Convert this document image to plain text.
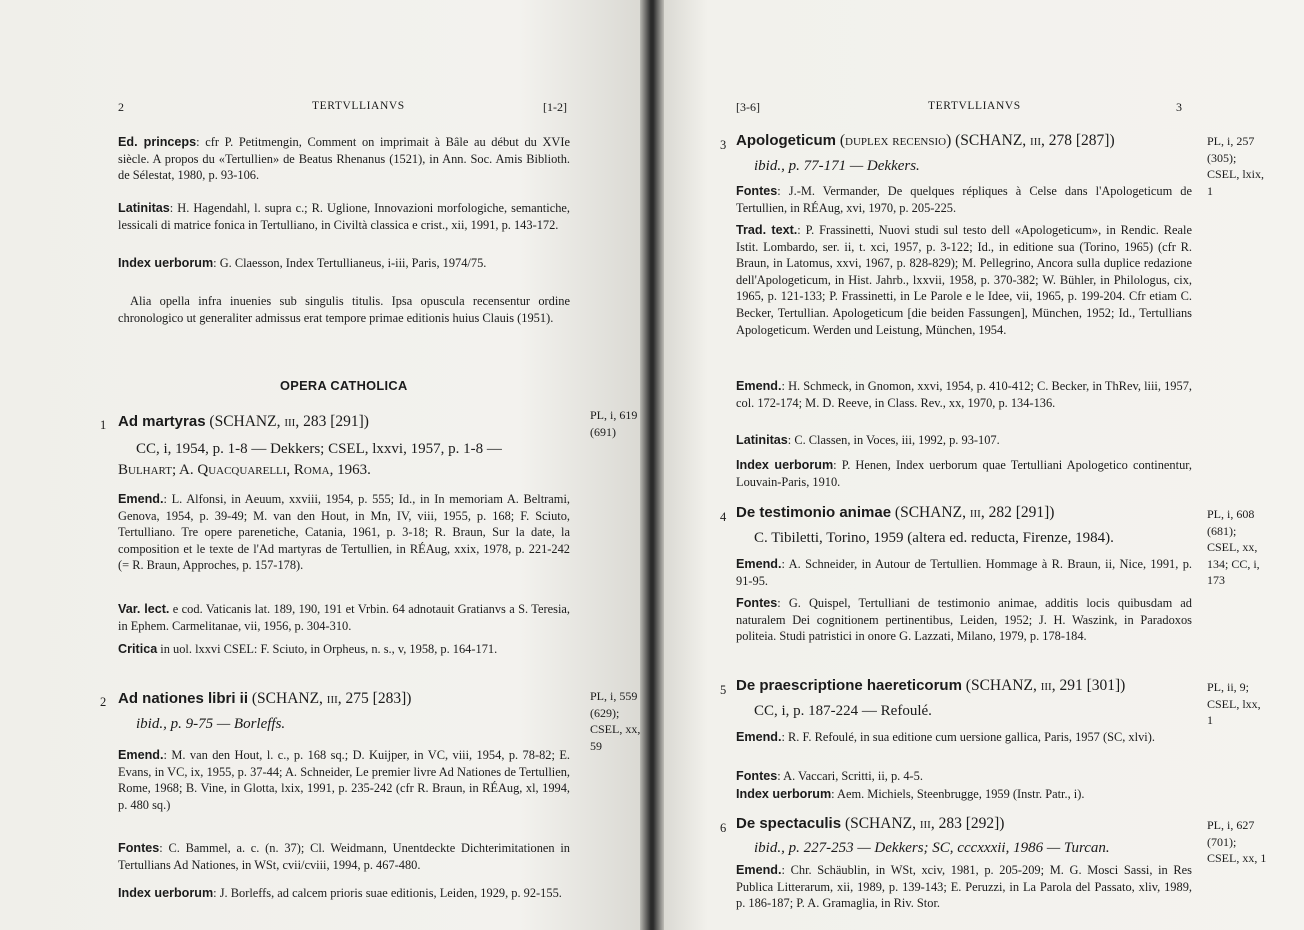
2	TERTVLLIANVS	[1-2]

Ed. princeps: cfr P. Petitmengin, Comment on imprimait à Bâle au début du XVIe siècle. A propos du «Tertullien» de Beatus Rhenanus (1521), in Ann. Soc. Amis Biblioth. de Sélestat, 1980, p. 93-106.

Latinitas: H. Hagendahl, l. supra c.; R. Uglione, Innovazioni morfologiche, semantiche, lessicali di matrice fonica in Tertulliano, in Civiltà classica e crist., xii, 1991, p. 143-172.

Index uerborum: G. Claesson, Index Tertullianeus, i-iii, Paris, 1974/75.

Alia opella infra inuenies sub singulis titulis. Ipsa opuscula recensentur ordine chronologico ut generaliter admissus erat tempore primae editionis huius Clauis (1951).

OPERA CATHOLICA
1 Ad martyras (SCHANZ, iii, 283 [291])
CC, i, 1954, p. 1-8 — Dekkers; CSEL, lxxvi, 1957, p. 1-8 —
Bulhart; A. Quacquarelli, Roma, 1963.
PL, i, 619
(691)

Emend.: L. Alfonsi, in Aeuum, xxviii, 1954, p. 555; Id., in In memoriam A. Beltrami, Genova, 1954, p. 39-49; M. van den Hout, in Mn, IV, viii, 1955, p. 168; F. Sciuto, Tertulliano. Tre opere parenetiche, Catania, 1961, p. 3-18; R. Braun, Sur la date, la composition et le texte de l'Ad martyras de Tertullien, in RÉAug, xxix, 1978, p. 221-242 (= R. Braun, Approches, p. 157-178).

Var. lect. e cod. Vaticanis lat. 189, 190, 191 et Vrbin. 64 adnotauit Gratianvs a S. Teresia, in Ephem. Carmelitanae, vii, 1956, p. 304-310.

Critica in uol. lxxvi CSEL: F. Sciuto, in Orpheus, n. s., v, 1958, p. 164-171.

2 Ad nationes libri ii (SCHANZ, iii, 275 [283])
ibid., p. 9-75 — Borleffs.
PL, i, 559
(629);
CSEL, xx,
59

Emend.: M. van den Hout, l. c., p. 168 sq.; D. Kuijper, in VC, viii, 1954, p. 78-82; E. Evans, in VC, ix, 1955, p. 37-44; A. Schneider, Le premier livre Ad Nationes de Tertullien, Rome, 1968; B. Vine, in Glotta, lxix, 1991, p. 235-242 (cfr R. Braun, in RÉAug, xl, 1994, p. 480 sq.)

Fontes: C. Bammel, a. c. (n. 37); Cl. Weidmann, Unentdeckte Dichterimitationen in Tertullians Ad Nationes, in WSt, cvii/cviii, 1994, p. 467-480.

Index uerborum: J. Borleffs, ad calcem prioris suae editionis, Leiden, 1929, p. 92-155.

[3-6]	TERTVLLIANVS	3
3 Apologeticum (duplex recensio) (SCHANZ, iii, 278 [287])
ibid., p. 77-171 — Dekkers.
PL, i, 257
(305);
CSEL, lxix,
1

Fontes: J.-M. Vermander, De quelques répliques à Celse dans l'Apologeticum de Tertullien, in RÉAug, xvi, 1970, p. 205-225.

Trad. text.: P. Frassinetti, Nuovi studi sul testo dell «Apologeticum», in Rendic. Reale Istit. Lombardo, ser. ii, t. xci, 1957, p. 3-122; Id., in editione sua (Torino, 1965) (cfr R. Braun, in Latomus, xxvi, 1967, p. 828-829); M. Pellegrino, Ancora sulla duplice redazione dell'Apologeticum, in Hist. Jahrb., lxxvii, 1958, p. 370-382; W. Bühler, in Philologus, cix, 1965, p. 121-133; P. Frassinetti, in Le Parole e le Idee, vii, 1965, p. 199-204. Cfr etiam C. Becker, Tertullian. Apologeticum [die beiden Fassungen], München, 1952; Id., Tertullians Apologeticum. Werden und Leistung, München, 1954.

Emend.: H. Schmeck, in Gnomon, xxvi, 1954, p. 410-412; C. Becker, in ThRev, liii, 1957, col. 172-174; M. D. Reeve, in Class. Rev., xx, 1970, p. 134-136.

Latinitas: C. Classen, in Voces, iii, 1992, p. 93-107.

Index uerborum: P. Henen, Index uerborum quae Tertulliani Apologetico continentur, Louvain-Paris, 1910.

4 De testimonio animae (SCHANZ, iii, 282 [291])
C. Tibiletti, Torino, 1959 (altera ed. reducta, Firenze, 1984).
PL, i, 608
(681);
CSEL, xx,
134; CC, i,
173

Emend.: A. Schneider, in Autour de Tertullien. Hommage à R. Braun, ii, Nice, 1991, p. 91-95.

Fontes: G. Quispel, Tertulliani de testimonio animae, additis locis quibusdam ad naturalem Dei cognitionem pertinentibus, Leiden, 1952; J. H. Waszink, in Paradoxos politeia. Studi patristici in onore G. Lazzati, Milano, 1979, p. 178-184.

5 De praescriptione haereticorum (SCHANZ, iii, 291 [301])
CC, i, p. 187-224 — Refoulé.
PL, ii, 9;
CSEL, lxx,
1

Emend.: R. F. Refoulé, in sua editione cum uersione gallica, Paris, 1957 (SC, xlvi).

Fontes: A. Vaccari, Scritti, ii, p. 4-5.

Index uerborum: Aem. Michiels, Steenbrugge, 1959 (Instr. Patr., i).

6 De spectaculis (SCHANZ, iii, 283 [292])
ibid., p. 227-253 — Dekkers; SC, cccxxxii, 1986 — Turcan.
PL, i, 627
(701);
CSEL, xx, 1

Emend.: Chr. Schäublin, in WSt, xciv, 1981, p. 205-209; M. G. Mosci Sassi, in Res Publica Litterarum, xii, 1989, p. 139-143; E. Peruzzi, in La Parola del Passato, xliv, 1989, p. 186-187; P. A. Gramaglia, in Riv. Stor.
